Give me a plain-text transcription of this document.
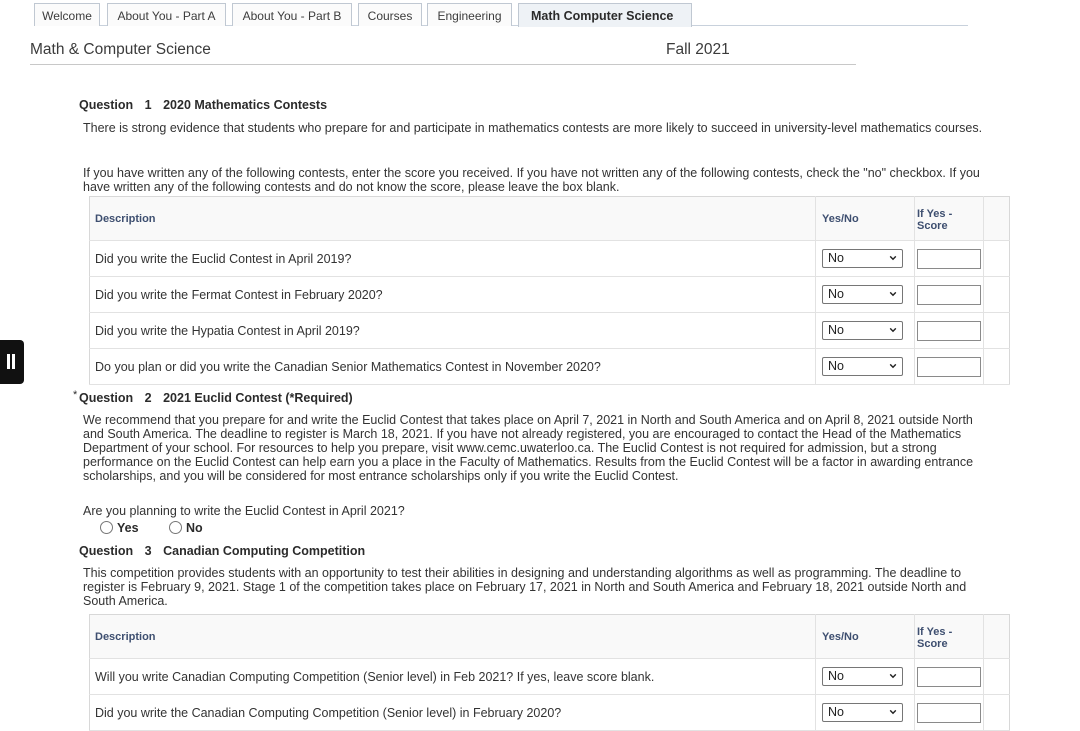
Welcome	About You - Part A	About You - Part B	Courses	Engineering	Math Computer Science
Math & Computer Science	Fall 2021
Question 1 2020 Mathematics Contests
There is strong evidence that students who prepare for and participate in mathematics contests are more likely to succeed in university-level mathematics courses.
If you have written any of the following contests, enter the score you received. If you have not written any of the following contests, check the "no" checkbox. If you have written any of the following contests and do not know the score, please leave the box blank.
Description	Yes/No	If Yes - Score	
Did you write the Euclid Contest in April 2019?	No		

Did you write the Fermat Contest in February 2020?	No		

Did you write the Hypatia Contest in April 2019?	No		

Do you plan or did you write the Canadian Senior Mathematics Contest in November 2020?	No		

* Question 2 2021 Euclid Contest (*Required)
We recommend that you prepare for and write the Euclid Contest that takes place on April 7, 2021 in North and South America and on April 8, 2021 outside North and South America. The deadline to register is March 18, 2021. If you have not already registered, you are encouraged to contact the Head of the Mathematics Department of your school. For resources to help you prepare, visit www.cemc.uwaterloo.ca. The Euclid Contest is not required for admission, but a strong performance on the Euclid Contest can help earn you a place in the Faculty of Mathematics. Results from the Euclid Contest will be a factor in awarding entrance scholarships, and you will be considered for most entrance scholarships only if you write the Euclid Contest.
Are you planning to write the Euclid Contest in April 2021?
Yes	No
Question 3 Canadian Computing Competition
This competition provides students with an opportunity to test their abilities in designing and understanding algorithms as well as programming. The deadline to register is February 9, 2021. Stage 1 of the competition takes place on February 17, 2021 in North and South America and February 18, 2021 outside North and South America.
Description	Yes/No	If Yes - Score	
Will you write Canadian Computing Competition (Senior level) in Feb 2021? If yes, leave score blank.	No		

Did you write the Canadian Computing Competition (Senior level) in February 2020?	No		
